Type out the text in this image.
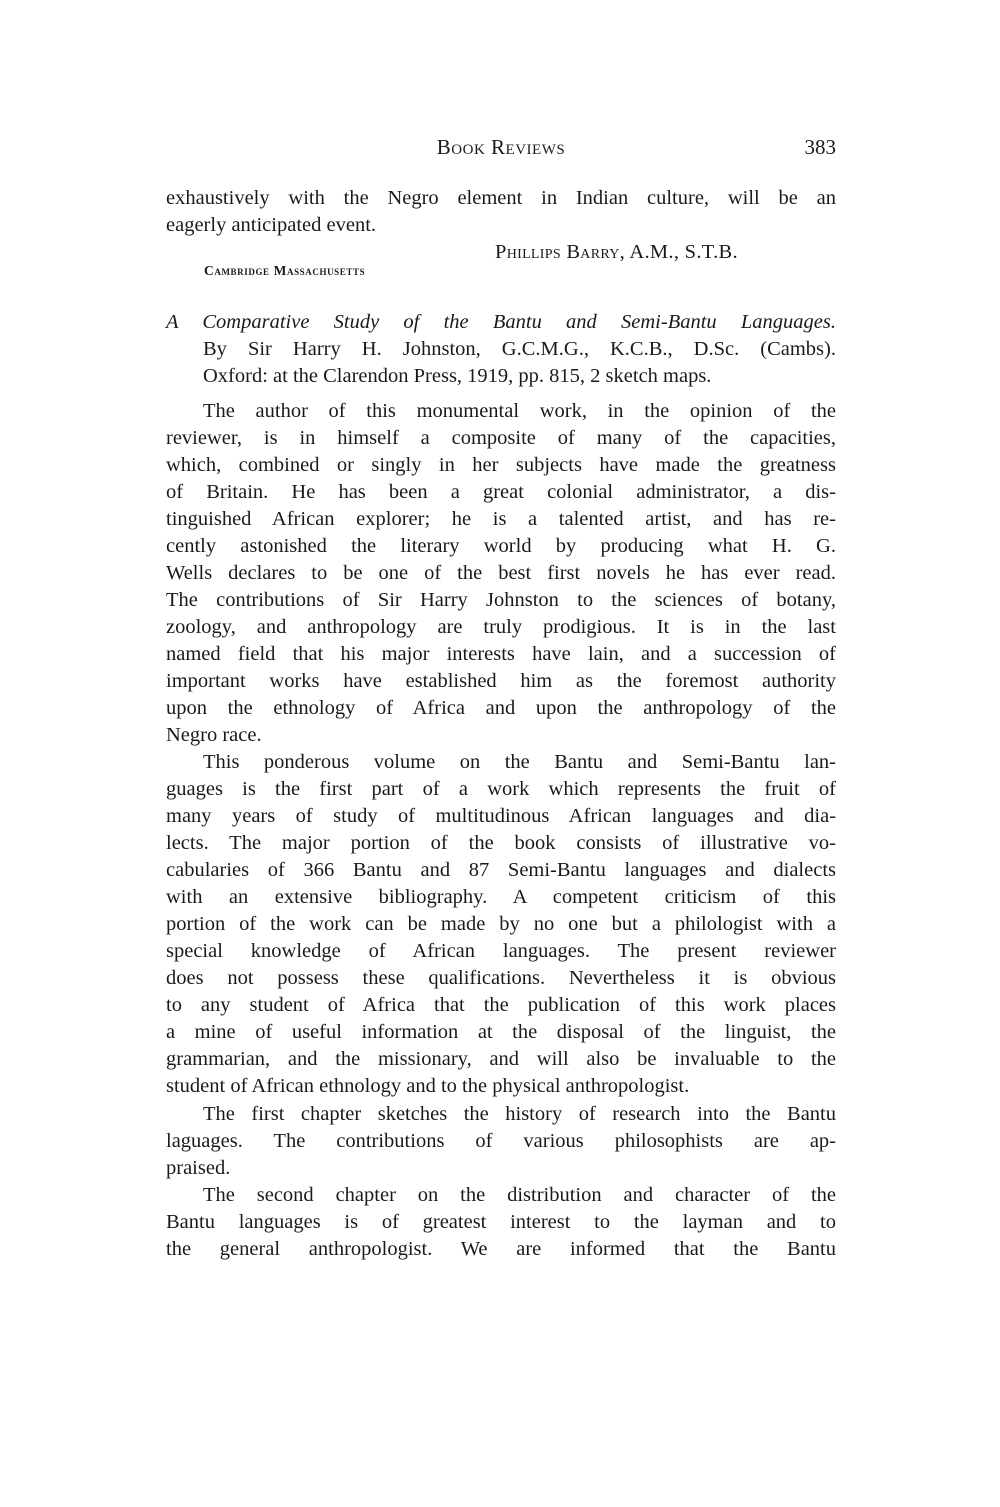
Book Reviews	383
exhaustively with the Negro element in Indian culture, will be an
eagerly anticipated event.
Phillips Barry, A.M., S.T.B.
Cambridge Massachusetts
A Comparative Study of the Bantu and Semi-Bantu Languages.
By Sir Harry H. Johnston, G.C.M.G., K.C.B., D.Sc. (Cambs).
Oxford: at the Clarendon Press, 1919, pp. 815, 2 sketch maps.
The author of this monumental work, in the opinion of the
reviewer, is in himself a composite of many of the capacities,
which, combined or singly in her subjects have made the greatness
of Britain. He has been a great colonial administrator, a dis-
tinguished African explorer; he is a talented artist, and has re-
cently astonished the literary world by producing what H. G.
Wells declares to be one of the best first novels he has ever read.
The contributions of Sir Harry Johnston to the sciences of botany,
zoology, and anthropology are truly prodigious. It is in the last
named field that his major interests have lain, and a succession of
important works have established him as the foremost authority
upon the ethnology of Africa and upon the anthropology of the
Negro race.
This ponderous volume on the Bantu and Semi-Bantu lan-
guages is the first part of a work which represents the fruit of
many years of study of multitudinous African languages and dia-
lects. The major portion of the book consists of illustrative vo-
cabularies of 366 Bantu and 87 Semi-Bantu languages and dialects
with an extensive bibliography. A competent criticism of this
portion of the work can be made by no one but a philologist with a
special knowledge of African languages. The present reviewer
does not possess these qualifications. Nevertheless it is obvious
to any student of Africa that the publication of this work places
a mine of useful information at the disposal of the linguist, the
grammarian, and the missionary, and will also be invaluable to the
student of African ethnology and to the physical anthropologist.
The first chapter sketches the history of research into the Bantu
laguages. The contributions of various philosophists are ap-
praised.
The second chapter on the distribution and character of the
Bantu languages is of greatest interest to the layman and to
the general anthropologist. We are informed that the Bantu
